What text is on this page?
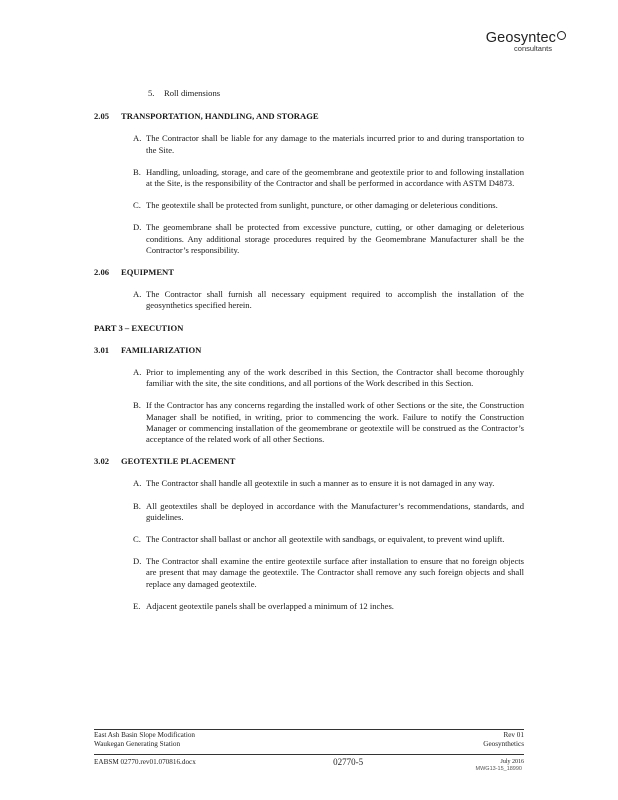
Geosyntec
consultants
5. Roll dimensions
2.05 TRANSPORTATION, HANDLING, AND STORAGE
A. The Contractor shall be liable for any damage to the materials incurred prior to and during transportation to the Site.
B. Handling, unloading, storage, and care of the geomembrane and geotextile prior to and following installation at the Site, is the responsibility of the Contractor and shall be performed in accordance with ASTM D4873.
C. The geotextile shall be protected from sunlight, puncture, or other damaging or deleterious conditions.
D. The geomembrane shall be protected from excessive puncture, cutting, or other damaging or deleterious conditions. Any additional storage procedures required by the Geomembrane Manufacturer shall be the Contractor’s responsibility.
2.06 EQUIPMENT
A. The Contractor shall furnish all necessary equipment required to accomplish the installation of the geosynthetics specified herein.
PART 3 – EXECUTION
3.01 FAMILIARIZATION
A. Prior to implementing any of the work described in this Section, the Contractor shall become thoroughly familiar with the site, the site conditions, and all portions of the Work described in this Section.
B. If the Contractor has any concerns regarding the installed work of other Sections or the site, the Construction Manager shall be notified, in writing, prior to commencing the work. Failure to notify the Construction Manager or commencing installation of the geomembrane or geotextile will be construed as the Contractor’s acceptance of the related work of all other Sections.
3.02 GEOTEXTILE PLACEMENT
A. The Contractor shall handle all geotextile in such a manner as to ensure it is not damaged in any way.
B. All geotextiles shall be deployed in accordance with the Manufacturer’s recommendations, standards, and guidelines.
C. The Contractor shall ballast or anchor all geotextile with sandbags, or equivalent, to prevent wind uplift.
D. The Contractor shall examine the entire geotextile surface after installation to ensure that no foreign objects are present that may damage the geotextile. The Contractor shall remove any such foreign objects and shall replace any damaged geotextile.
E. Adjacent geotextile panels shall be overlapped a minimum of 12 inches.
East Ash Basin Slope Modification	Rev 01
Waukegan Generating Station	Geosynthetics
EABSM 02770.rev01.070816.docx	02770-5	July 2016
MWG13-15_18990
